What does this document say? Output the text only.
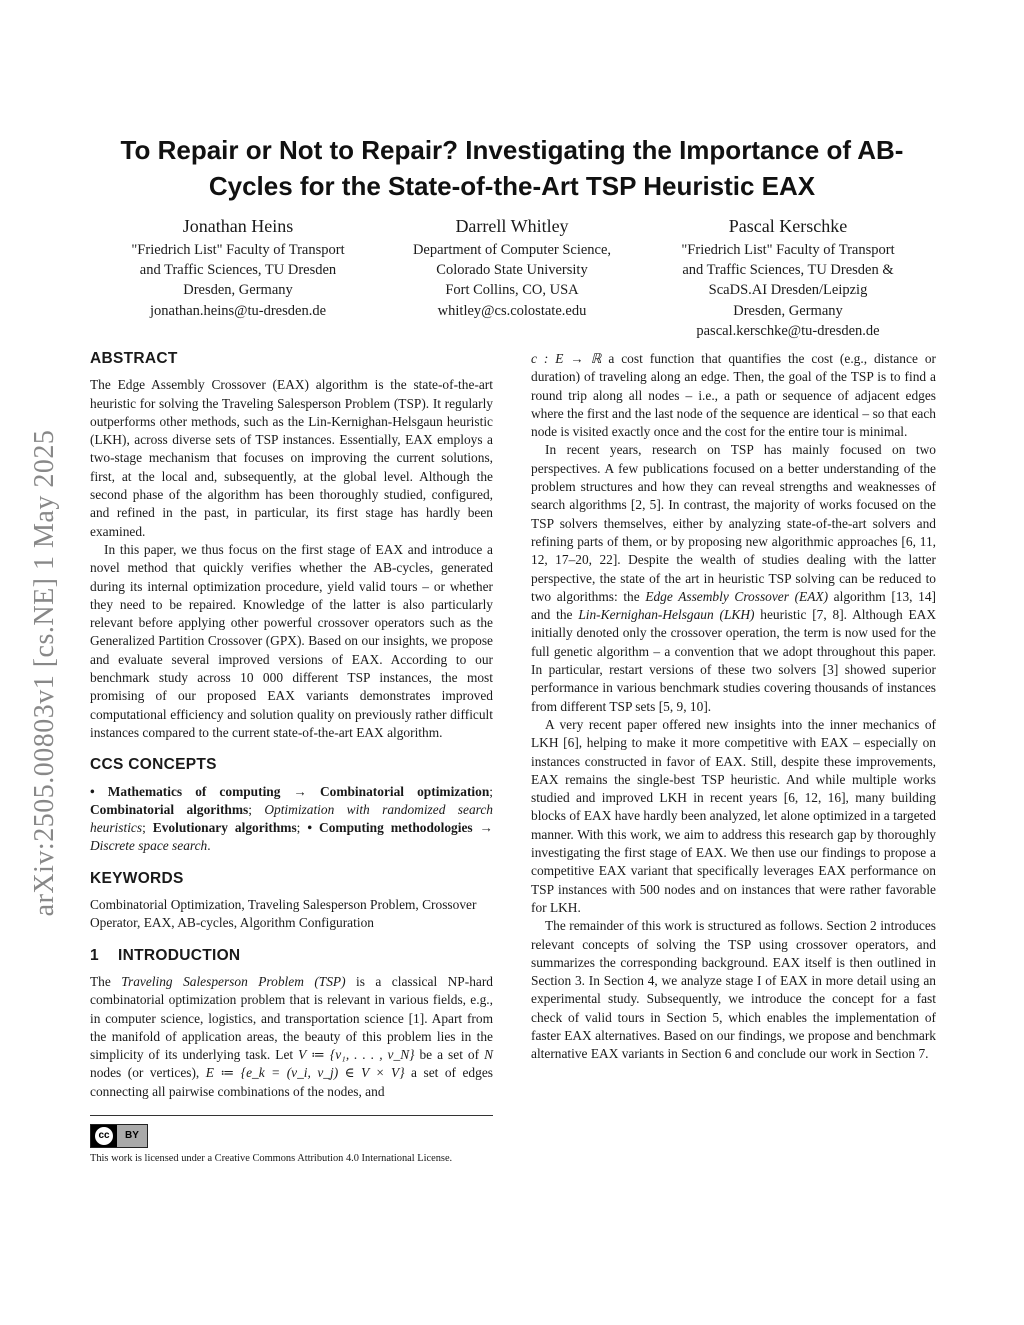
arXiv:2505.00803v1 [cs.NE] 1 May 2025
To Repair or Not to Repair? Investigating the Importance of AB-Cycles for the State-of-the-Art TSP Heuristic EAX
Jonathan Heins
"Friedrich List" Faculty of Transport
and Traffic Sciences, TU Dresden
Dresden, Germany
jonathan.heins@tu-dresden.de
Darrell Whitley
Department of Computer Science,
Colorado State University
Fort Collins, CO, USA
whitley@cs.colostate.edu
Pascal Kerschke
"Friedrich List" Faculty of Transport
and Traffic Sciences, TU Dresden &
ScaDS.AI Dresden/Leipzig
Dresden, Germany
pascal.kerschke@tu-dresden.de
ABSTRACT

The Edge Assembly Crossover (EAX) algorithm is the state-of-the-art heuristic for solving the Traveling Salesperson Problem (TSP). It regularly outperforms other methods, such as the Lin-Kernighan-Helsgaun heuristic (LKH), across diverse sets of TSP instances. Essentially, EAX employs a two-stage mechanism that focuses on improving the current solutions, first, at the local and, subsequently, at the global level. Although the second phase of the algorithm has been thoroughly studied, configured, and refined in the past, in particular, its first stage has hardly been examined.

In this paper, we thus focus on the first stage of EAX and introduce a novel method that quickly verifies whether the AB-cycles, generated during its internal optimization procedure, yield valid tours – or whether they need to be repaired. Knowledge of the latter is also particularly relevant before applying other powerful crossover operators such as the Generalized Partition Crossover (GPX). Based on our insights, we propose and evaluate several improved versions of EAX. According to our benchmark study across 10 000 different TSP instances, the most promising of our proposed EAX variants demonstrates improved computational efficiency and solution quality on previously rather difficult instances compared to the current state-of-the-art EAX algorithm.

CCS CONCEPTS

• Mathematics of computing → Combinatorial optimization; Combinatorial algorithms; Optimization with randomized search heuristics; Evolutionary algorithms; • Computing methodologies → Discrete space search.

KEYWORDS

Combinatorial Optimization, Traveling Salesperson Problem, Crossover Operator, EAX, AB-cycles, Algorithm Configuration

1 INTRODUCTION

The Traveling Salesperson Problem (TSP) is a classical NP-hard combinatorial optimization problem that is relevant in various fields, e.g., in computer science, logistics, and transportation science [1]. Apart from the manifold of application areas, the beauty of this problem lies in the simplicity of its underlying task. Let V ≔ {v₁, . . . , v_N} be a set of N nodes (or vertices), E ≔ {e_k = (v_i, v_j) ∈ V × V} a set of edges connecting all pairwise combinations of the nodes, and

cc	BY
This work is licensed under a Creative Commons Attribution 4.0 International License.

c : E → ℝ a cost function that quantifies the cost (e.g., distance or duration) of traveling along an edge. Then, the goal of the TSP is to find a round trip along all nodes – i.e., a path or sequence of adjacent edges where the first and the last node of the sequence are identical – so that each node is visited exactly once and the cost for the entire tour is minimal.

In recent years, research on TSP has mainly focused on two perspectives. A few publications focused on a better understanding of the problem structures and how they can reveal strengths and weaknesses of search algorithms [2, 5]. In contrast, the majority of works focused on the TSP solvers themselves, either by analyzing state-of-the-art solvers and refining parts of them, or by proposing new algorithmic approaches [6, 11, 12, 17–20, 22]. Despite the wealth of studies dealing with the latter perspective, the state of the art in heuristic TSP solving can be reduced to two algorithms: the Edge Assembly Crossover (EAX) algorithm [13, 14] and the Lin-Kernighan-Helsgaun (LKH) heuristic [7, 8]. Although EAX initially denoted only the crossover operation, the term is now used for the full genetic algorithm – a convention that we adopt throughout this paper. In particular, restart versions of these two solvers [3] showed superior performance in various benchmark studies covering thousands of instances from different TSP sets [5, 9, 10].

A very recent paper offered new insights into the inner mechanics of LKH [6], helping to make it more competitive with EAX – especially on instances constructed in favor of EAX. Still, despite these improvements, EAX remains the single-best TSP heuristic. And while multiple works studied and improved LKH in recent years [6, 12, 16], many building blocks of EAX have hardly been analyzed, let alone optimized in a targeted manner. With this work, we aim to address this research gap by thoroughly investigating the first stage of EAX. We then use our findings to propose a competitive EAX variant that specifically leverages EAX performance on TSP instances with 500 nodes and on instances that were rather favorable for LKH.

The remainder of this work is structured as follows. Section 2 introduces relevant concepts of solving the TSP using crossover operators, and summarizes the corresponding background. EAX itself is then outlined in Section 3. In Section 4, we analyze stage I of EAX in more detail using an experimental study. Subsequently, we introduce the concept for a fast check of valid tours in Section 5, which enables the implementation of faster EAX alternatives. Based on our findings, we propose and benchmark alternative EAX variants in Section 6 and conclude our work in Section 7.
